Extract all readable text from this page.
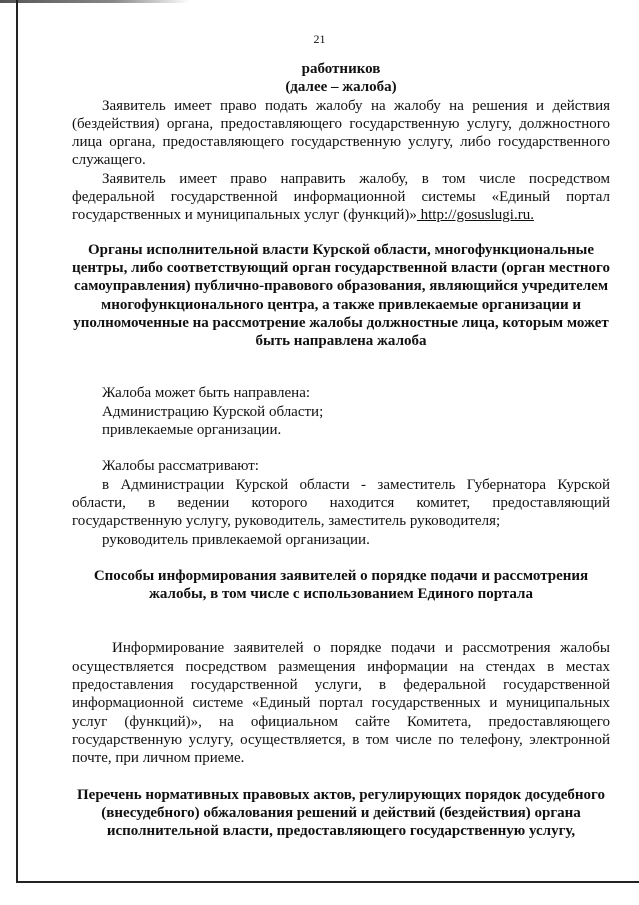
21

работников

(далее – жалоба)

Заявитель имеет право подать жалобу на жалобу на решения и действия (бездействия) органа, предоставляющего государственную услугу, должностного лица органа, предоставляющего государственную услугу, либо государственного служащего.

Заявитель имеет право направить жалобу, в том числе посредством федеральной государственной информационной системы «Единый портал государственных и муниципальных услуг (функций)» http://gosuslugi.ru.

Органы исполнительной власти Курской области, многофункциональные центры, либо соответствующий орган государственной власти (орган местного самоуправления) публично-правового образования, являющийся учредителем многофункционального центра, а также привлекаемые организации и уполномоченные на рассмотрение жалобы должностные лица, которым может быть направлена жалоба

Жалоба может быть направлена:

Администрацию Курской области;

привлекаемые организации.

Жалобы рассматривают:

в Администрации Курской области - заместитель Губернатора Курской области, в ведении которого находится комитет, предоставляющий государственную услугу, руководитель, заместитель руководителя;

руководитель привлекаемой организации.

Способы информирования заявителей о порядке подачи и рассмотрения жалобы, в том числе с использованием Единого портала

Информирование заявителей о порядке подачи и рассмотрения жалобы осуществляется посредством размещения информации на стендах в местах предоставления государственной услуги, в федеральной государственной информационной системе «Единый портал государственных и муниципальных услуг (функций)», на официальном сайте Комитета, предоставляющего государственную услугу, осуществляется, в том числе по телефону, электронной почте, при личном приеме.

Перечень нормативных правовых актов, регулирующих порядок досудебного (внесудебного) обжалования решений и действий (бездействия) органа исполнительной власти, предоставляющего государственную услугу,
